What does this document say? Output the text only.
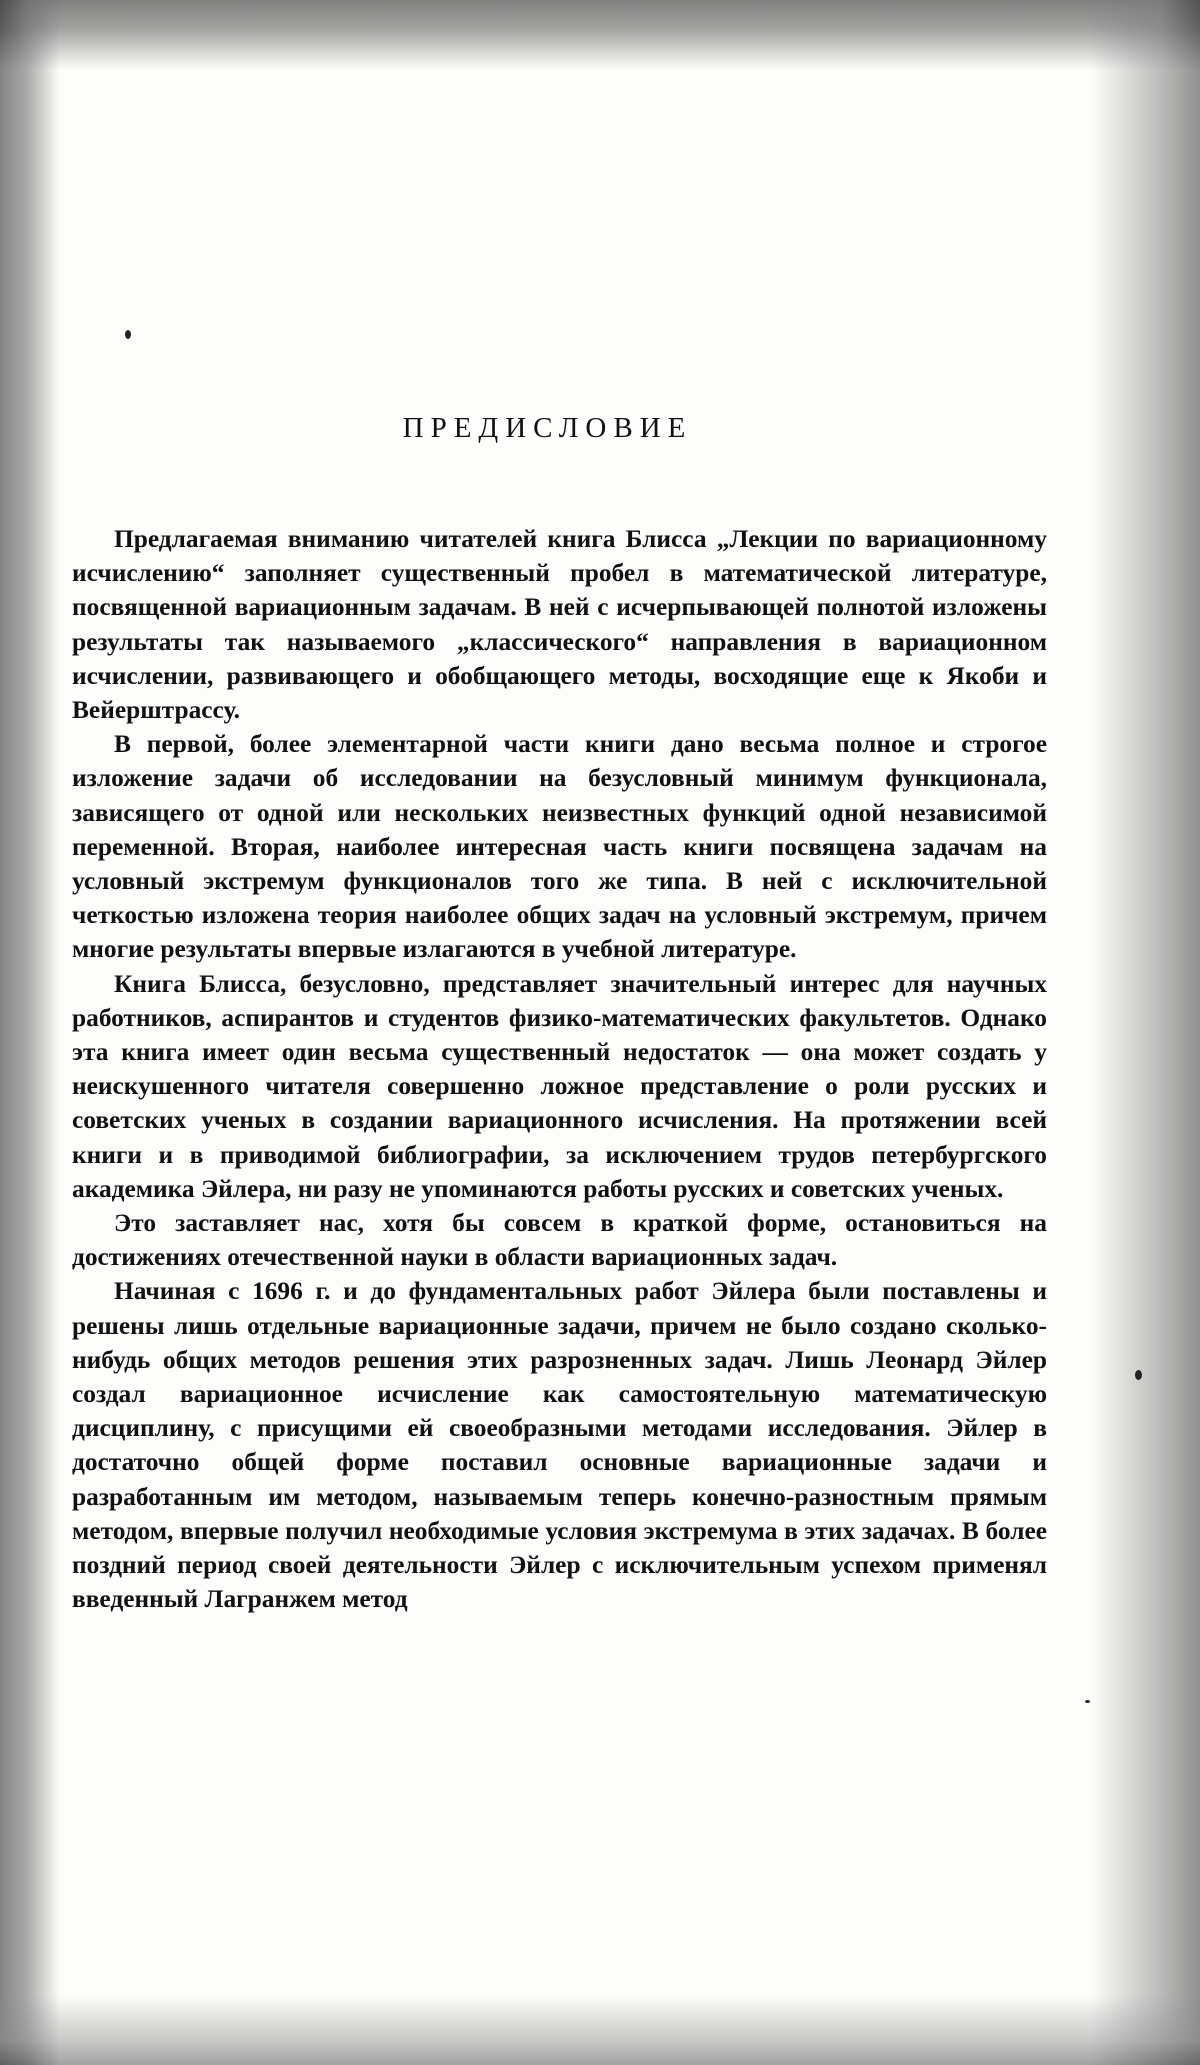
ПРЕДИСЛОВИЕ

Предлагаемая вниманию читателей книга Блисса „Лекции по вариационному исчислению“ заполняет существенный пробел в математической литературе, посвященной вариационным задачам. В ней с исчерпывающей полнотой изложены результаты так называемого „классического“ направления в вариационном исчислении, развивающего и обобщающего методы, восходящие еще к Якоби и Вейерштрассу.

В первой, более элементарной части книги дано весьма полное и строгое изложение задачи об исследовании на безусловный минимум функционала, зависящего от одной или нескольких неизвестных функций одной независимой переменной. Вторая, наиболее интересная часть книги посвящена задачам на условный экстремум функционалов того же типа. В ней с исключительной четкостью изложена теория наиболее общих задач на условный экстремум, причем многие результаты впервые излагаются в учебной литературе.

Книга Блисса, безусловно, представляет значительный интерес для научных работников, аспирантов и студентов физико-математических факультетов. Однако эта книга имеет один весьма существенный недостаток — она может создать у неискушенного читателя совершенно ложное представление о роли русских и советских ученых в создании вариационного исчисления. На протяжении всей книги и в приводимой библиографии, за исключением трудов петербургского академика Эйлера, ни разу не упоминаются работы русских и советских ученых.

Это заставляет нас, хотя бы совсем в краткой форме, остановиться на достижениях отечественной науки в области вариационных задач.

Начиная с 1696 г. и до фундаментальных работ Эйлера были поставлены и решены лишь отдельные вариационные задачи, причем не было создано сколько-нибудь общих методов решения этих разрозненных задач. Лишь Леонард Эйлер создал вариационное исчисление как самостоятельную математическую дисциплину, с присущими ей своеобразными методами исследования. Эйлер в достаточно общей форме поставил основные вариационные задачи и разработанным им методом, называемым теперь конечно-разностным прямым методом, впервые получил необходимые условия экстремума в этих задачах. В более поздний период своей деятельности Эйлер с исключительным успехом применял введенный Лагранжем метод
